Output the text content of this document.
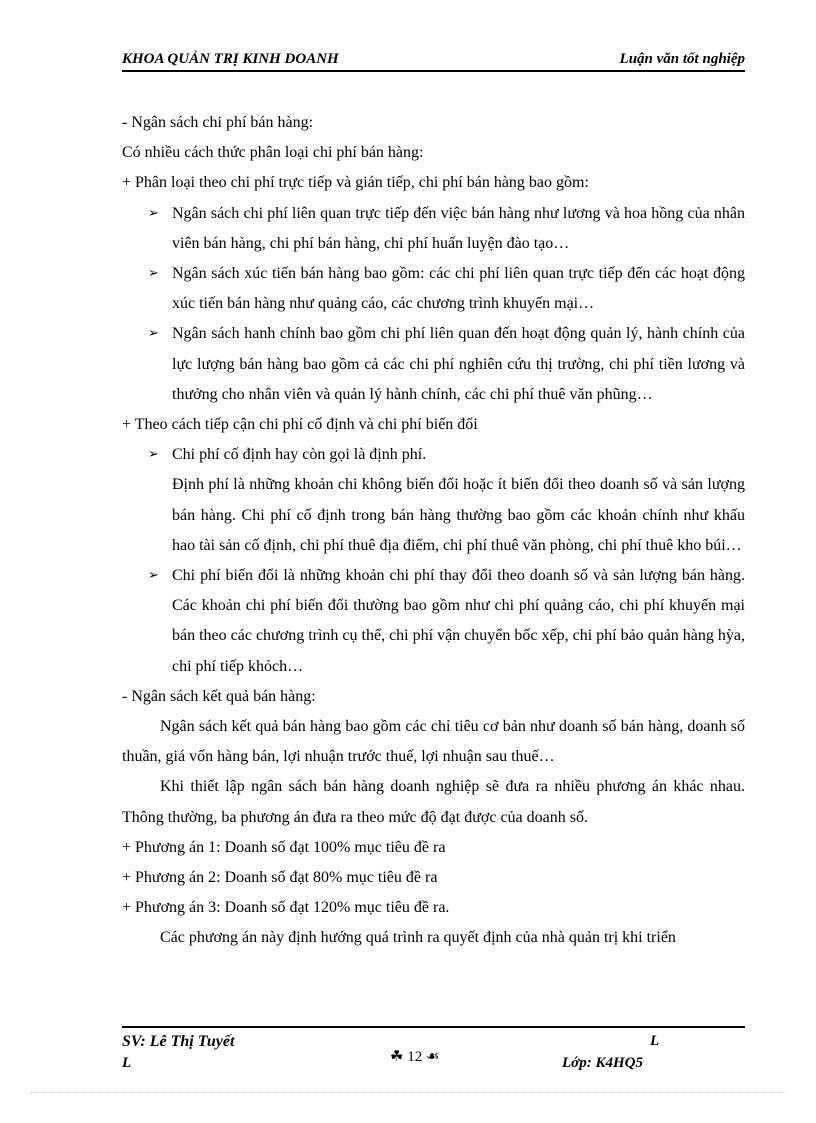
KHOA QUẢN TRỊ KINH DOANH	Luận văn tốt nghiệp
- Ngân sách chi phí bán hàng:
Có nhiều cách thức phân loại chi phí bán hàng:
+ Phân loại theo chi phí trực tiếp và gián tiếp, chi phí bán hàng bao gồm:
➢ Ngân sách chi phí liên quan trực tiếp đến việc bán hàng như lương và hoa hồng của nhân viên bán hàng, chi phí bán hàng, chi phí huấn luyện đào tạo…
➢ Ngân sách xúc tiến bán hàng bao gồm: các chi phí liên quan trực tiếp đến các hoạt động xúc tiến bán hàng như quảng cáo, các chương trình khuyến mại…
➢ Ngân sách hanh chính bao gồm chi phí liên quan đến hoạt động quản lý, hành chính của lực lượng bán hàng bao gồm cả các chi phí nghiên cứu thị trường, chi phí tiền lương và thưởng cho nhân viên và quản lý hành chính, các chi phí thuê văn phũng…
+ Theo cách tiếp cận chi phí cố định và chi phí biến đổi
➢ Chi phí cố định hay còn gọi là định phí.
Định phí là những khoản chi không biến đổi hoặc ít biến đổi theo doanh số và sản lượng bán hàng. Chi phí cố định trong bán hàng thường bao gồm các khoản chính như khấu hao tài sản cố định, chi phí thuê địa điểm, chi phí thuê văn phòng, chi phí thuê kho búi…
➢ Chi phí biến đổi là những khoản chi phí thay đổi theo doanh số và sản lượng bán hàng. Các khoản chi phí biến đổi thường bao gồm như chi phí quảng cáo, chi phí khuyến mại bán theo các chương trình cụ thể, chi phí vận chuyển bốc xếp, chi phí bảo quản hàng hỳa, chi phí tiếp khỏch…
- Ngân sách kết quả bán hàng:
Ngân sách kết quả bán hàng bao gồm các chỉ tiêu cơ bản như doanh số bán hàng, doanh số thuần, giá vốn hàng bán, lợi nhuận trước thuế, lợi nhuận sau thuế…
Khi thiết lập ngân sách bán hàng doanh nghiệp sẽ đưa ra nhiều phương án khác nhau. Thông thường, ba phương án đưa ra theo mức độ đạt được của doanh số.
+ Phương án 1: Doanh số đạt 100% mục tiêu đề ra
+ Phương án 2: Doanh số đạt 80% mục tiêu đề ra
+ Phương án 3: Doanh số đạt 120% mục tiêu đề ra.
Các phương án này định hướng quá trình ra quyết định của nhà quản trị khi triển
SV: Lê Thị Tuyết
L
L
☘ 12 ☙	Lớp: K4HQ5
